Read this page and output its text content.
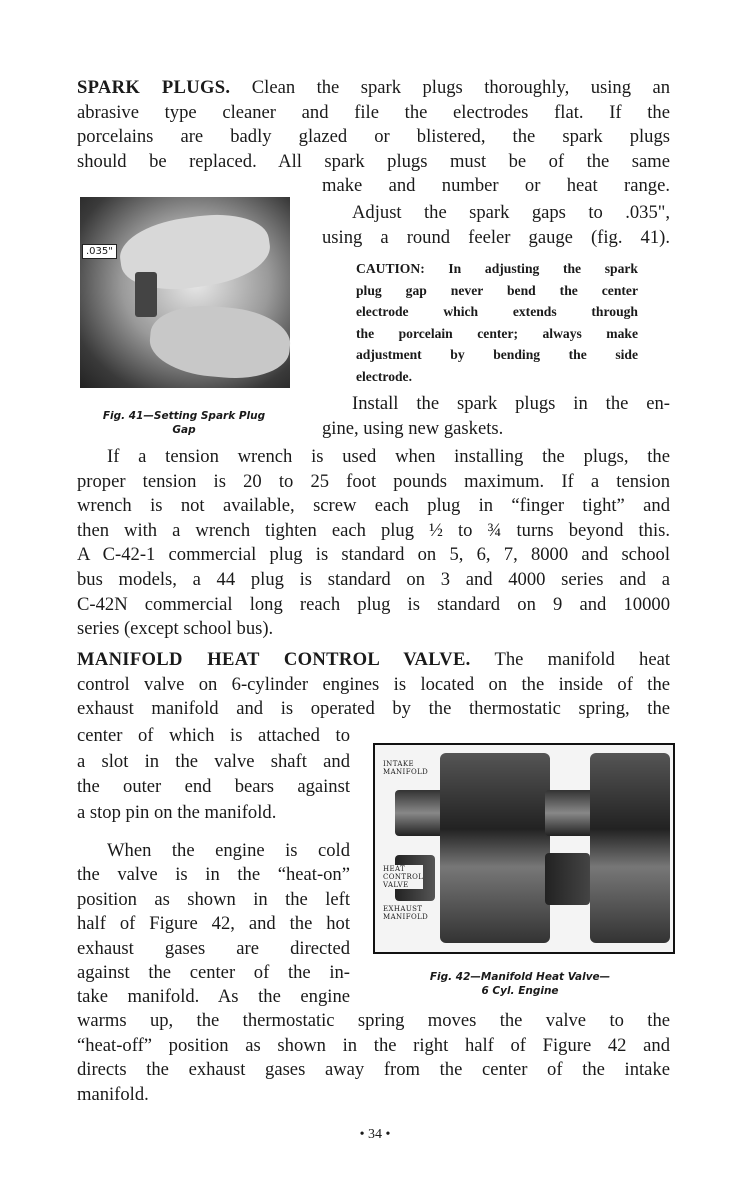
SPARK PLUGS. Clean the spark plugs thoroughly, using an
abrasive type cleaner and file the electrodes flat. If the
porcelains are badly glazed or blistered, the spark plugs
should be replaced. All spark plugs must be of the same
make and number or heat range.
Adjust the spark gaps to .035",
using a round feeler gauge (fig. 41).
CAUTION: In adjusting the spark
plug gap never bend the center
electrode which extends through
the porcelain center; always make
adjustment by bending the side
electrode.
Install the spark plugs in the en-
gine, using new gaskets.
.035"
Fig. 41—Setting Spark Plug
Gap
If a tension wrench is used when installing the plugs, the
proper tension is 20 to 25 foot pounds maximum. If a tension
wrench is not available, screw each plug in “finger tight” and
then with a wrench tighten each plug ½ to ¾ turns beyond this.
A C-42-1 commercial plug is standard on 5, 6, 7, 8000 and school
bus models, a 44 plug is standard on 3 and 4000 series and a
C-42N commercial long reach plug is standard on 9 and 10000
series (except school bus).
MANIFOLD HEAT CONTROL VALVE. The manifold heat
control valve on 6-cylinder engines is located on the inside of the
exhaust manifold and is operated by the thermostatic spring, the
center of which is attached to
a slot in the valve shaft and
the outer end bears against
a stop pin on the manifold.
When the engine is cold
the valve is in the “heat-on”
position as shown in the left
half of Figure 42, and the hot
exhaust gases are directed
against the center of the in-
take manifold. As the engine
INTAKE MANIFOLD
HEAT CONTROL VALVE
EXHAUST MANIFOLD
Fig. 42—Manifold Heat Valve—
6 Cyl. Engine
warms up, the thermostatic spring moves the valve to the
“heat-off” position as shown in the right half of Figure 42 and
directs the exhaust gases away from the center of the intake
manifold.
• 34 •
